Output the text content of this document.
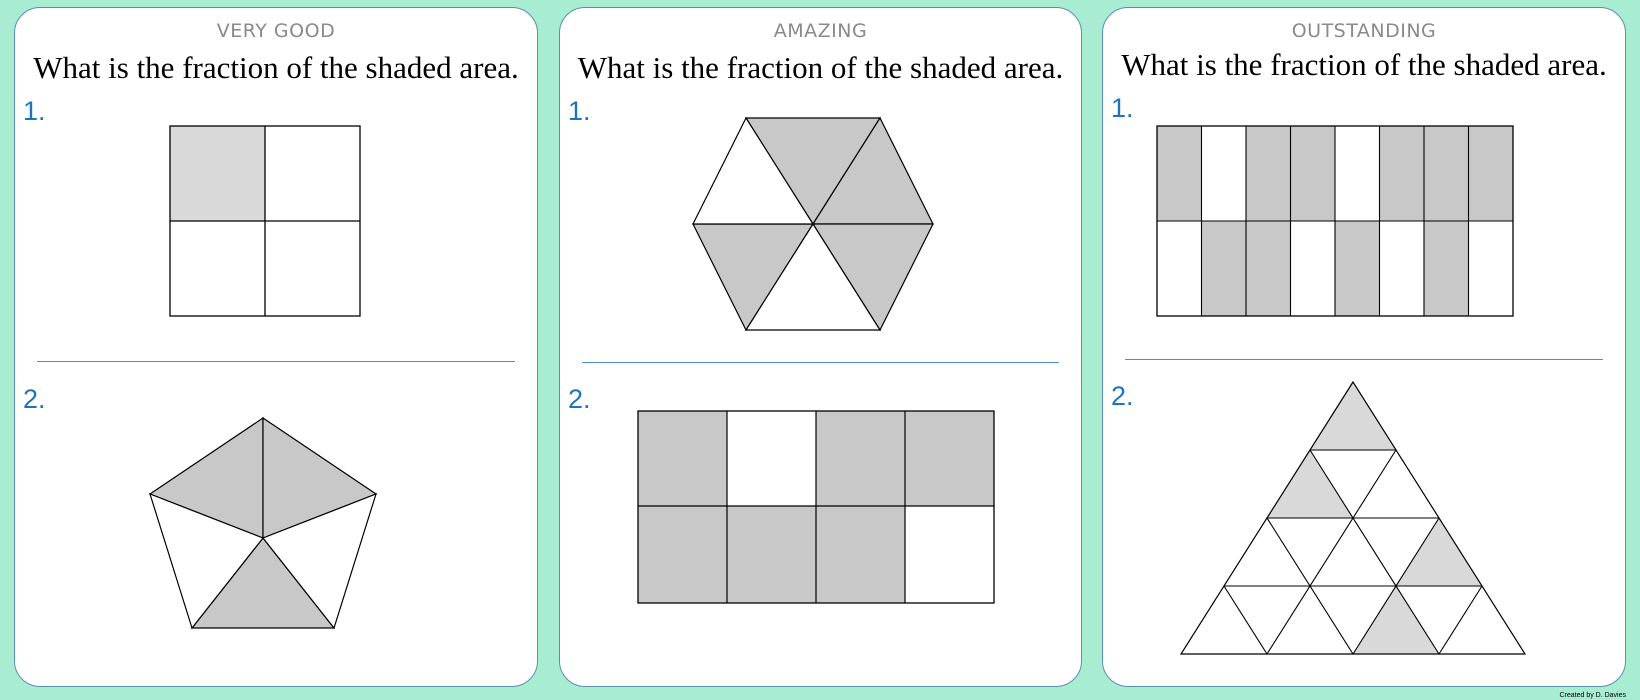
VERY GOOD
What is the fraction of the shaded area.
1.
2.
AMAZING
What is the fraction of the shaded area.
1.
2.
OUTSTANDING
What is the fraction of the shaded area.
1.
2.
Created by D. Davies
